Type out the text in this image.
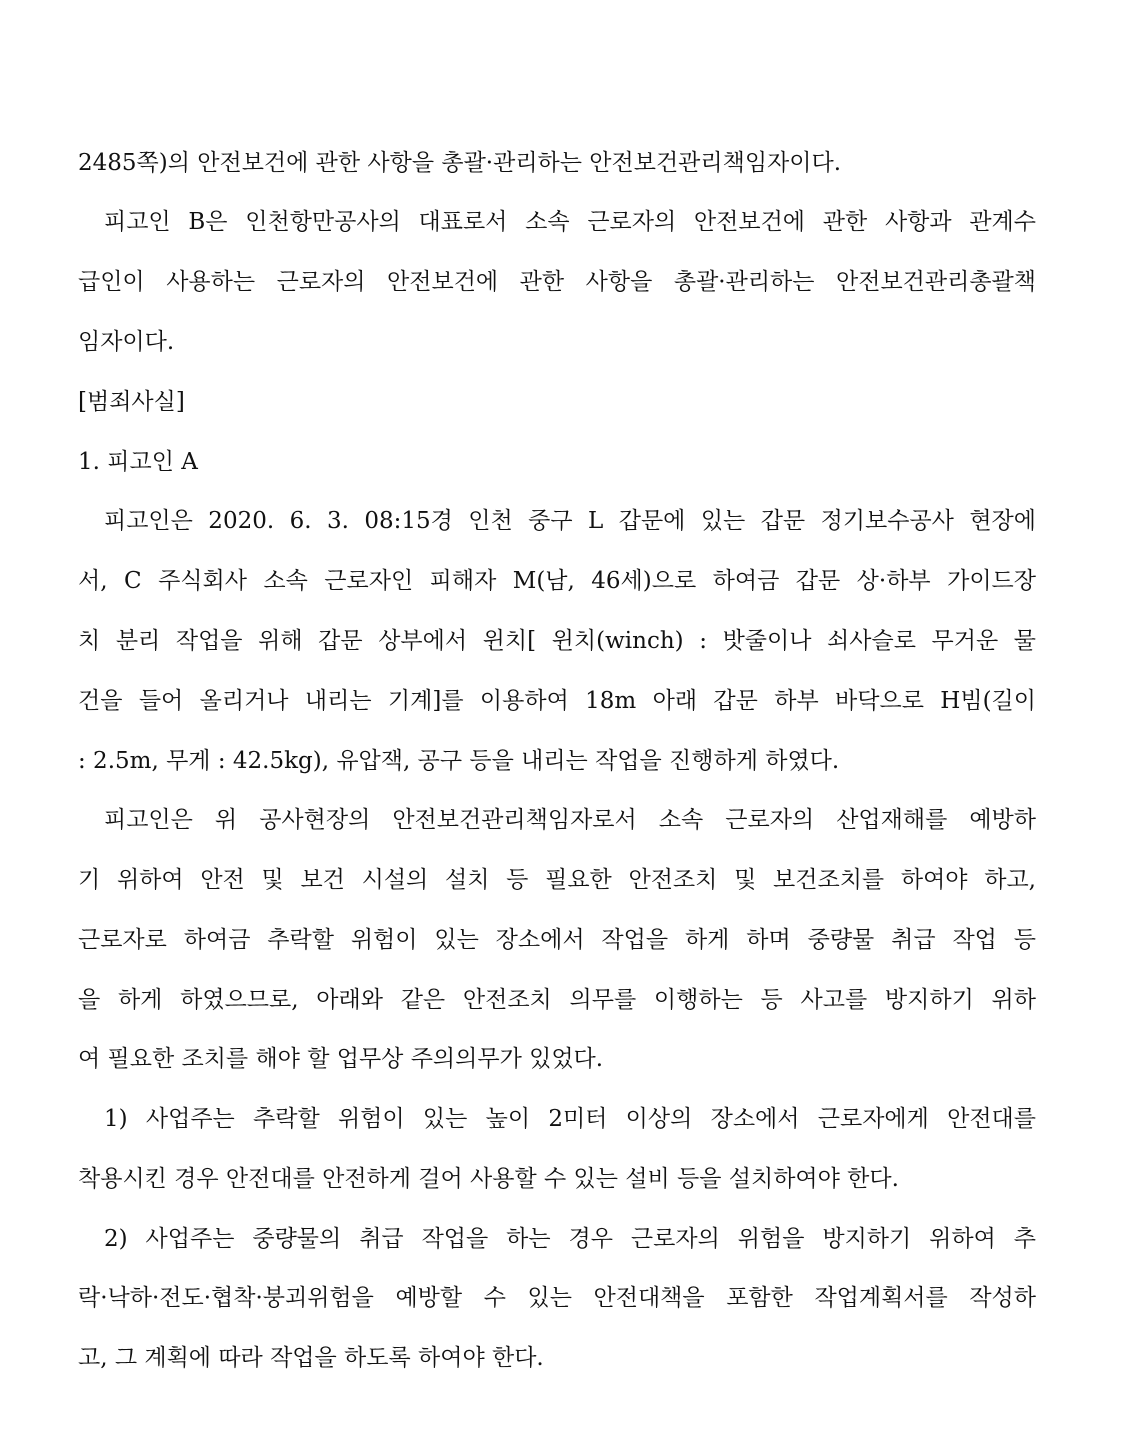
2485쪽)의 안전보건에 관한 사항을 총괄·관리하는 안전보건관리책임자이다.
피고인 B은 인천항만공사의 대표로서 소속 근로자의 안전보건에 관한 사항과 관계수
급인이 사용하는 근로자의 안전보건에 관한 사항을 총괄·관리하는 안전보건관리총괄책
임자이다.
[범죄사실]
1. 피고인 A
피고인은 2020. 6. 3. 08:15경 인천 중구 L 갑문에 있는 갑문 정기보수공사 현장에
서, C 주식회사 소속 근로자인 피해자 M(남, 46세)으로 하여금 갑문 상·하부 가이드장
치 분리 작업을 위해 갑문 상부에서 윈치[ 윈치(winch) : 밧줄이나 쇠사슬로 무거운 물
건을 들어 올리거나 내리는 기계]를 이용하여 18m 아래 갑문 하부 바닥으로 H빔(길이
: 2.5m, 무게 : 42.5kg), 유압잭, 공구 등을 내리는 작업을 진행하게 하였다.
피고인은 위 공사현장의 안전보건관리책임자로서 소속 근로자의 산업재해를 예방하
기 위하여 안전 및 보건 시설의 설치 등 필요한 안전조치 및 보건조치를 하여야 하고,
근로자로 하여금 추락할 위험이 있는 장소에서 작업을 하게 하며 중량물 취급 작업 등
을 하게 하였으므로, 아래와 같은 안전조치 의무를 이행하는 등 사고를 방지하기 위하
여 필요한 조치를 해야 할 업무상 주의의무가 있었다.
1) 사업주는 추락할 위험이 있는 높이 2미터 이상의 장소에서 근로자에게 안전대를
착용시킨 경우 안전대를 안전하게 걸어 사용할 수 있는 설비 등을 설치하여야 한다.
2) 사업주는 중량물의 취급 작업을 하는 경우 근로자의 위험을 방지하기 위하여 추
락·낙하·전도·협착·붕괴위험을 예방할 수 있는 안전대책을 포함한 작업계획서를 작성하
고, 그 계획에 따라 작업을 하도록 하여야 한다.
